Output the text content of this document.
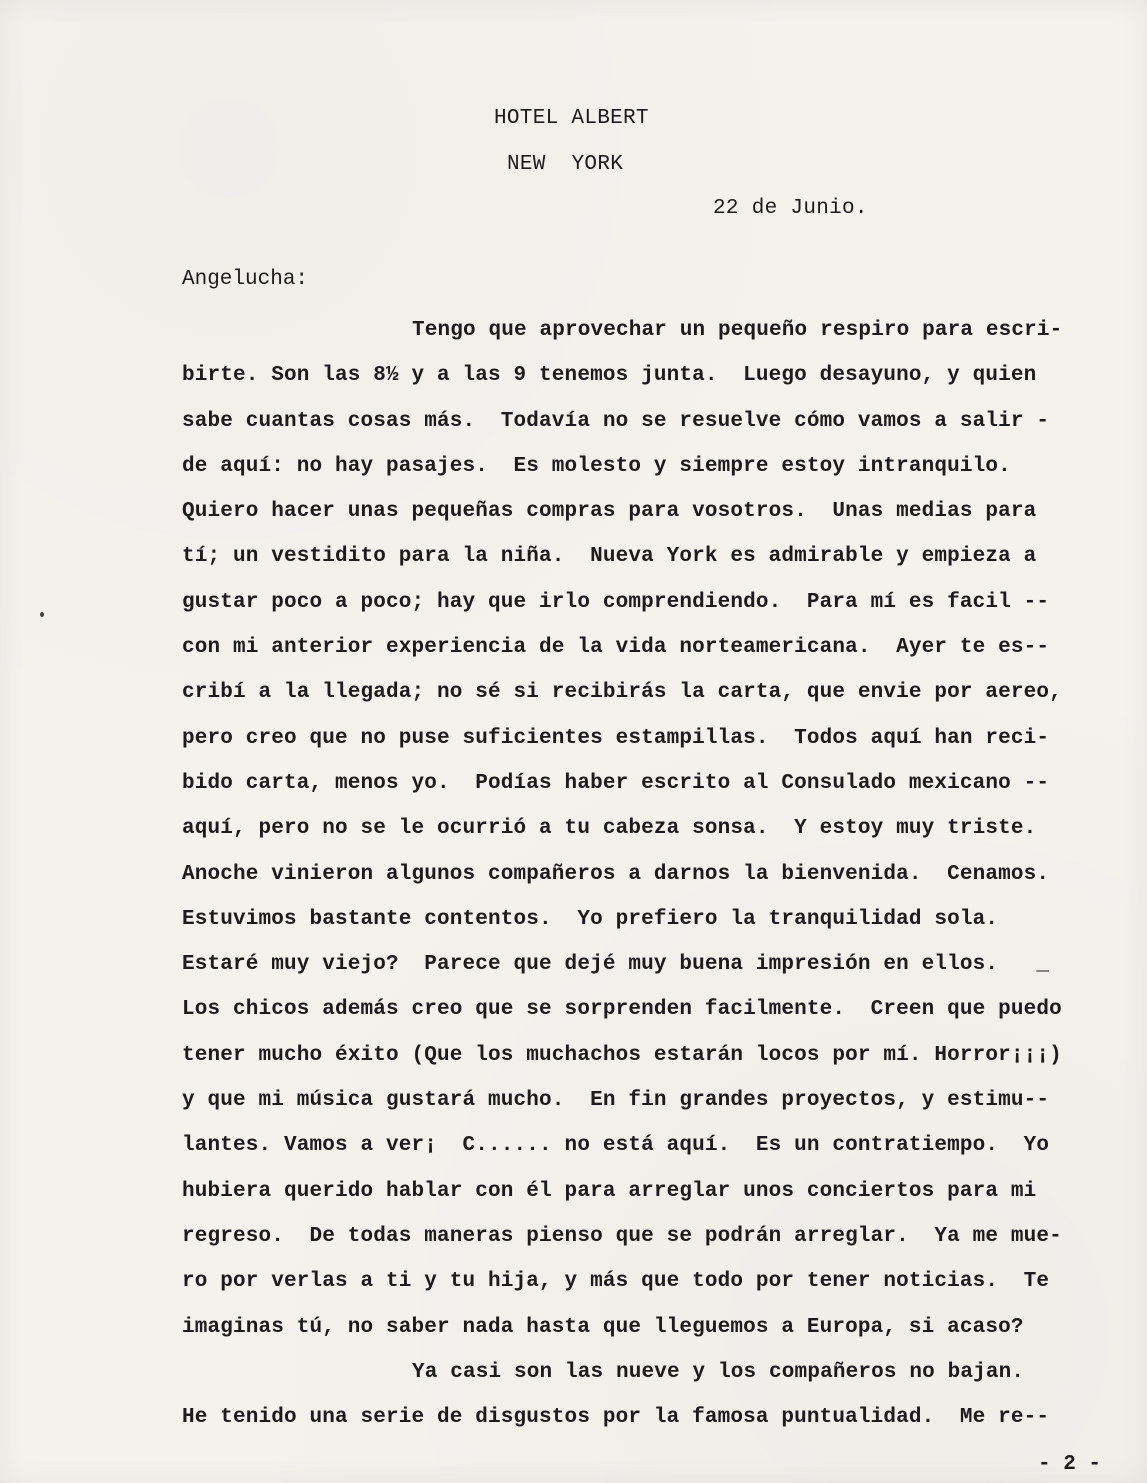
HOTEL ALBERT
NEW  YORK
22 de Junio.
Angelucha:
Tengo que aprovechar un pequeño respiro para escri-
birte. Son las 8½ y a las 9 tenemos junta.  Luego desayuno, y quien
sabe cuantas cosas más.  Todavía no se resuelve cómo vamos a salir -
de aquí: no hay pasajes.  Es molesto y siempre estoy intranquilo.
Quiero hacer unas pequeñas compras para vosotros.  Unas medias para
tí; un vestidito para la niña.  Nueva York es admirable y empieza a
gustar poco a poco; hay que irlo comprendiendo.  Para mí es facil --
con mi anterior experiencia de la vida norteamericana.  Ayer te es--
cribí a la llegada; no sé si recibirás la carta, que envie por aereo,
pero creo que no puse suficientes estampillas.  Todos aquí han reci-
bido carta, menos yo.  Podías haber escrito al Consulado mexicano --
aquí, pero no se le ocurrió a tu cabeza sonsa.  Y estoy muy triste.
Anoche vinieron algunos compañeros a darnos la bienvenida.  Cenamos.
Estuvimos bastante contentos.  Yo prefiero la tranquilidad sola.
Estaré muy viejo?  Parece que dejé muy buena impresión en ellos.   _
Los chicos además creo que se sorprenden facilmente.  Creen que puedo
tener mucho éxito (Que los muchachos estarán locos por mí. Horror¡¡¡)
y que mi música gustará mucho.  En fin grandes proyectos, y estimu--
lantes. Vamos a ver¡  C...... no está aquí.  Es un contratiempo.  Yo
hubiera querido hablar con él para arreglar unos conciertos para mi
regreso.  De todas maneras pienso que se podrán arreglar.  Ya me mue-
ro por verlas a ti y tu hija, y más que todo por tener noticias.  Te
imaginas tú, no saber nada hasta que lleguemos a Europa, si acaso?
Ya casi son las nueve y los compañeros no bajan.
He tenido una serie de disgustos por la famosa puntualidad.  Me re--
- 2 -
